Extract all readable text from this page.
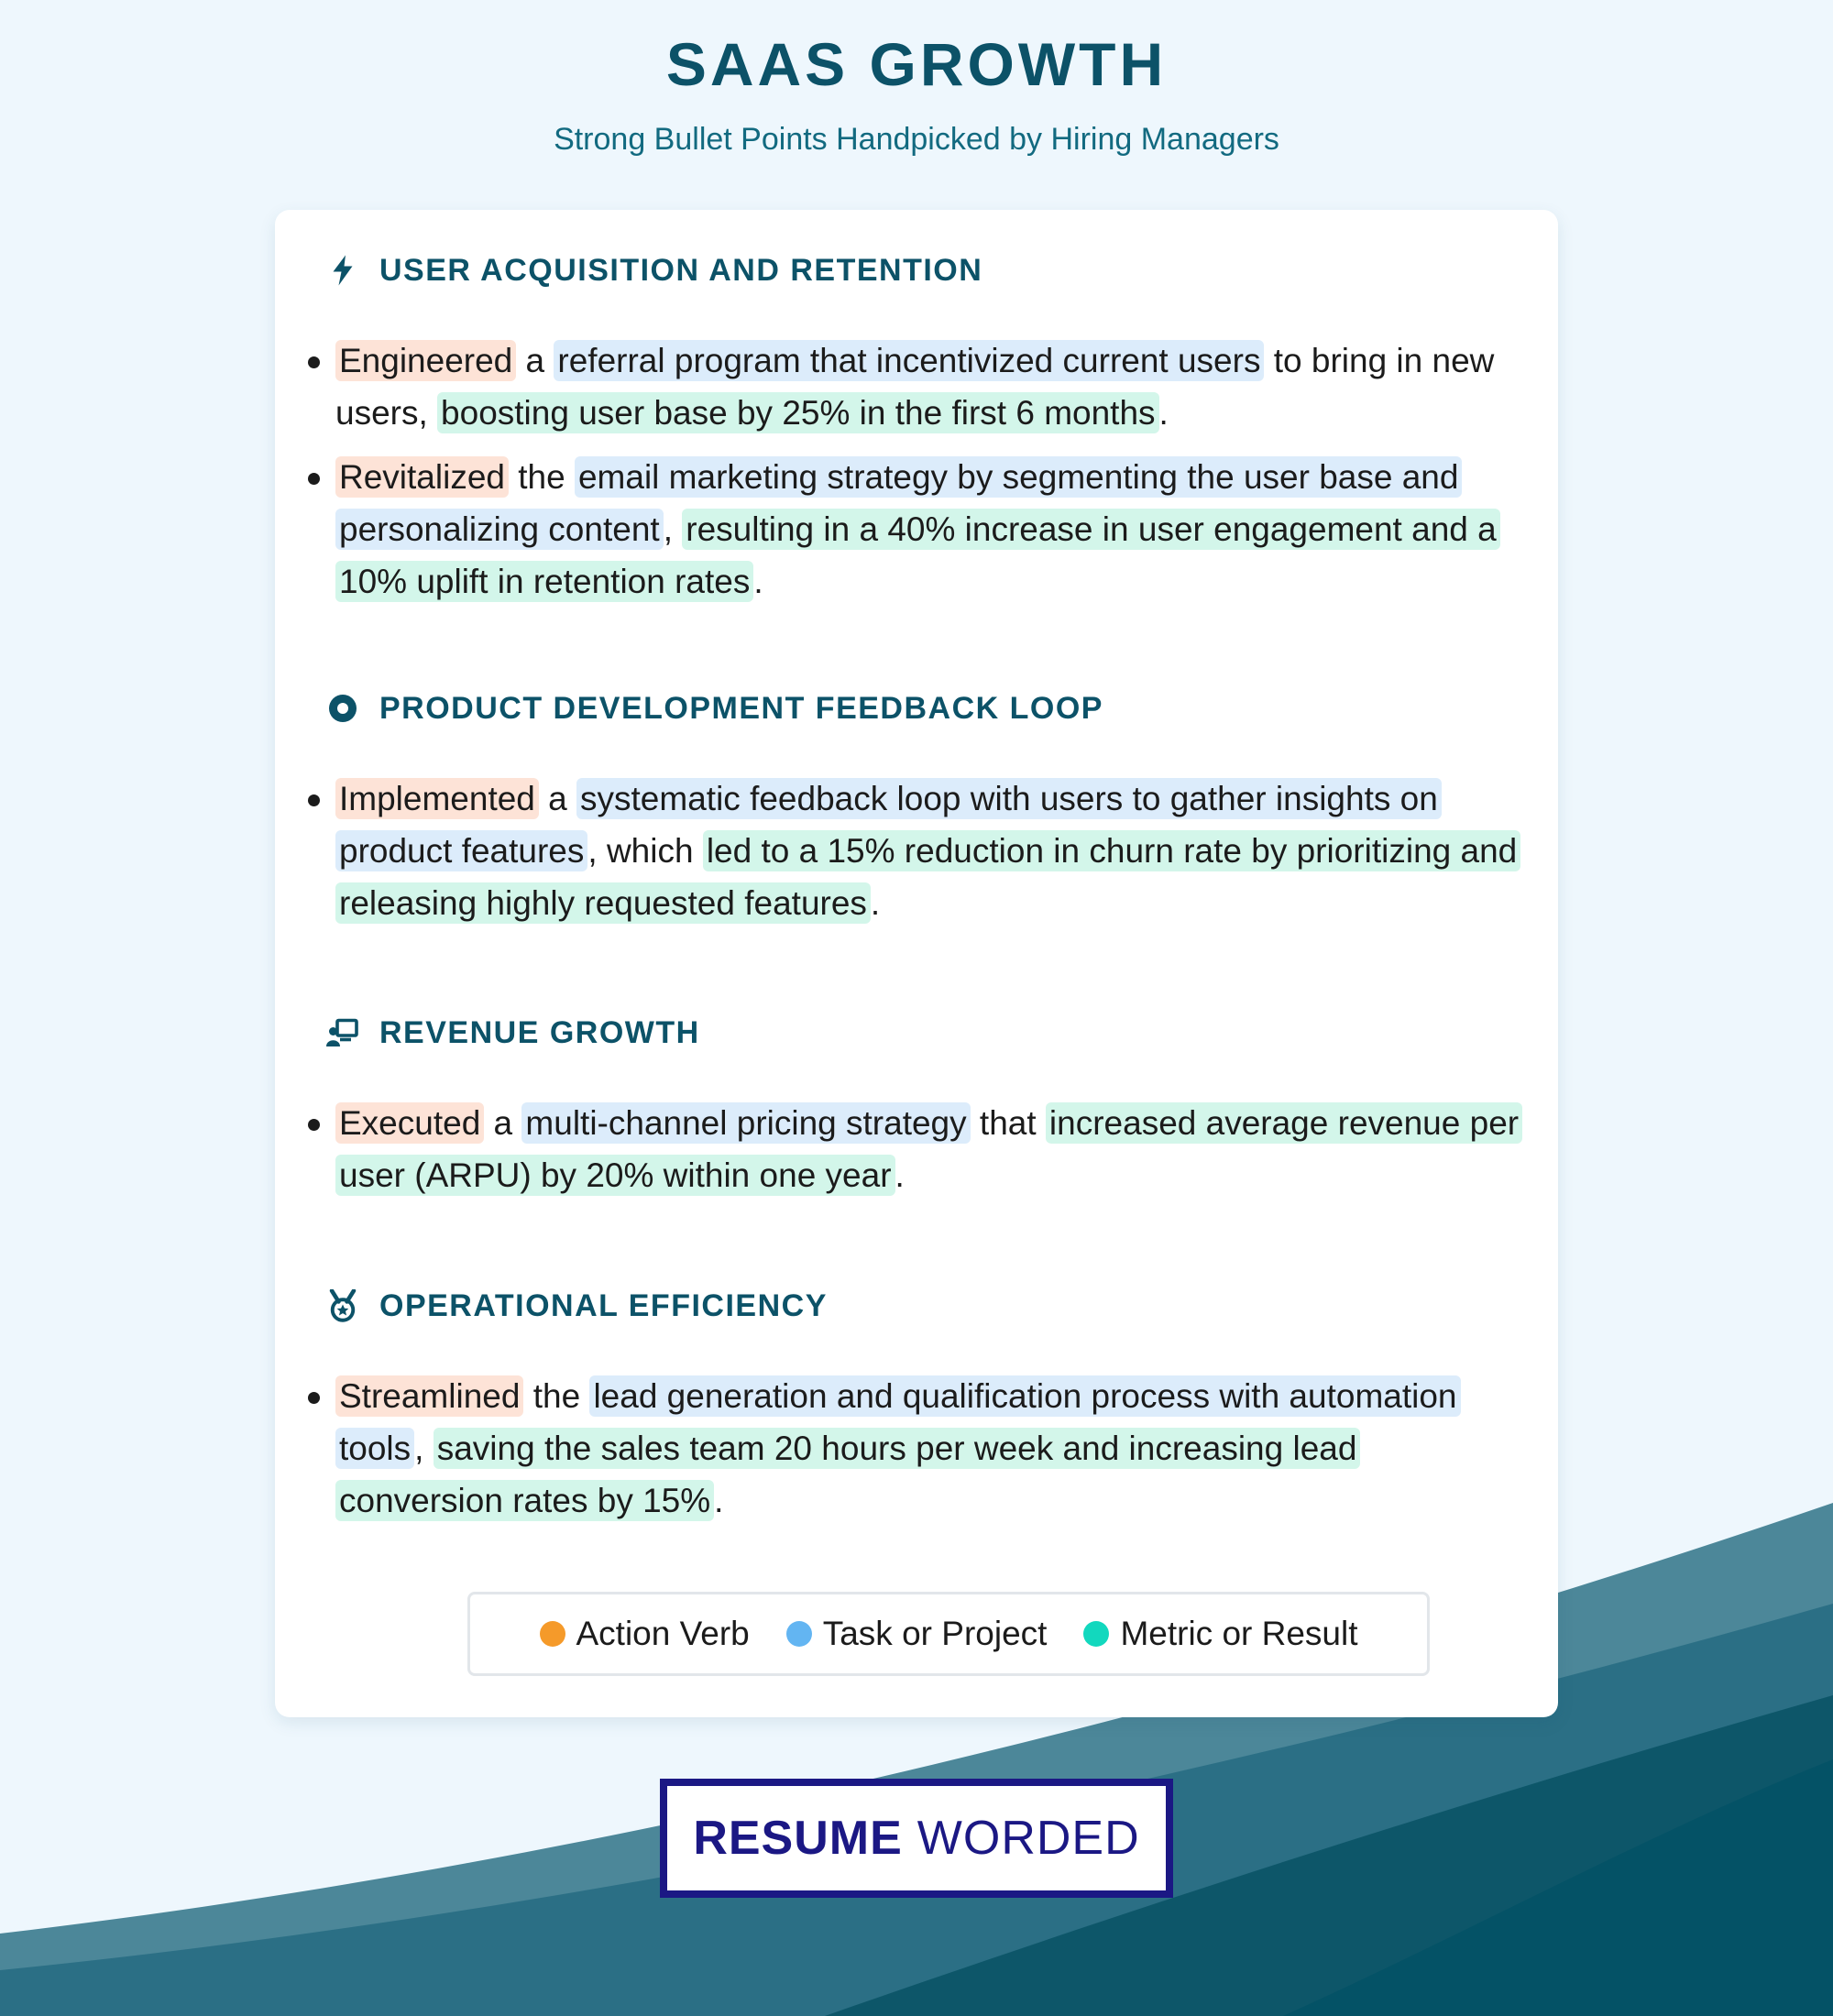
SAAS GROWTH
Strong Bullet Points Handpicked by Hiring Managers
USER ACQUISITION AND RETENTION
Engineered a referral program that incentivized current users to bring in new users, boosting user base by 25% in the first 6 months .
Revitalized the email marketing strategy by segmenting the user base and personalizing content , resulting in a 40% increase in user engagement and a 10% uplift in retention rates .
PRODUCT DEVELOPMENT FEEDBACK LOOP
Implemented a systematic feedback loop with users to gather insights on product features , which led to a 15% reduction in churn rate by prioritizing and releasing highly requested features .
REVENUE GROWTH
Executed a multi-channel pricing strategy that increased average revenue per user (ARPU) by 20% within one year .
OPERATIONAL EFFICIENCY
Streamlined the lead generation and qualification process with automation tools , saving the sales team 20 hours per week and increasing lead conversion rates by 15% .
Action Verb Task or Project Metric or Result
RESUME WORDED
